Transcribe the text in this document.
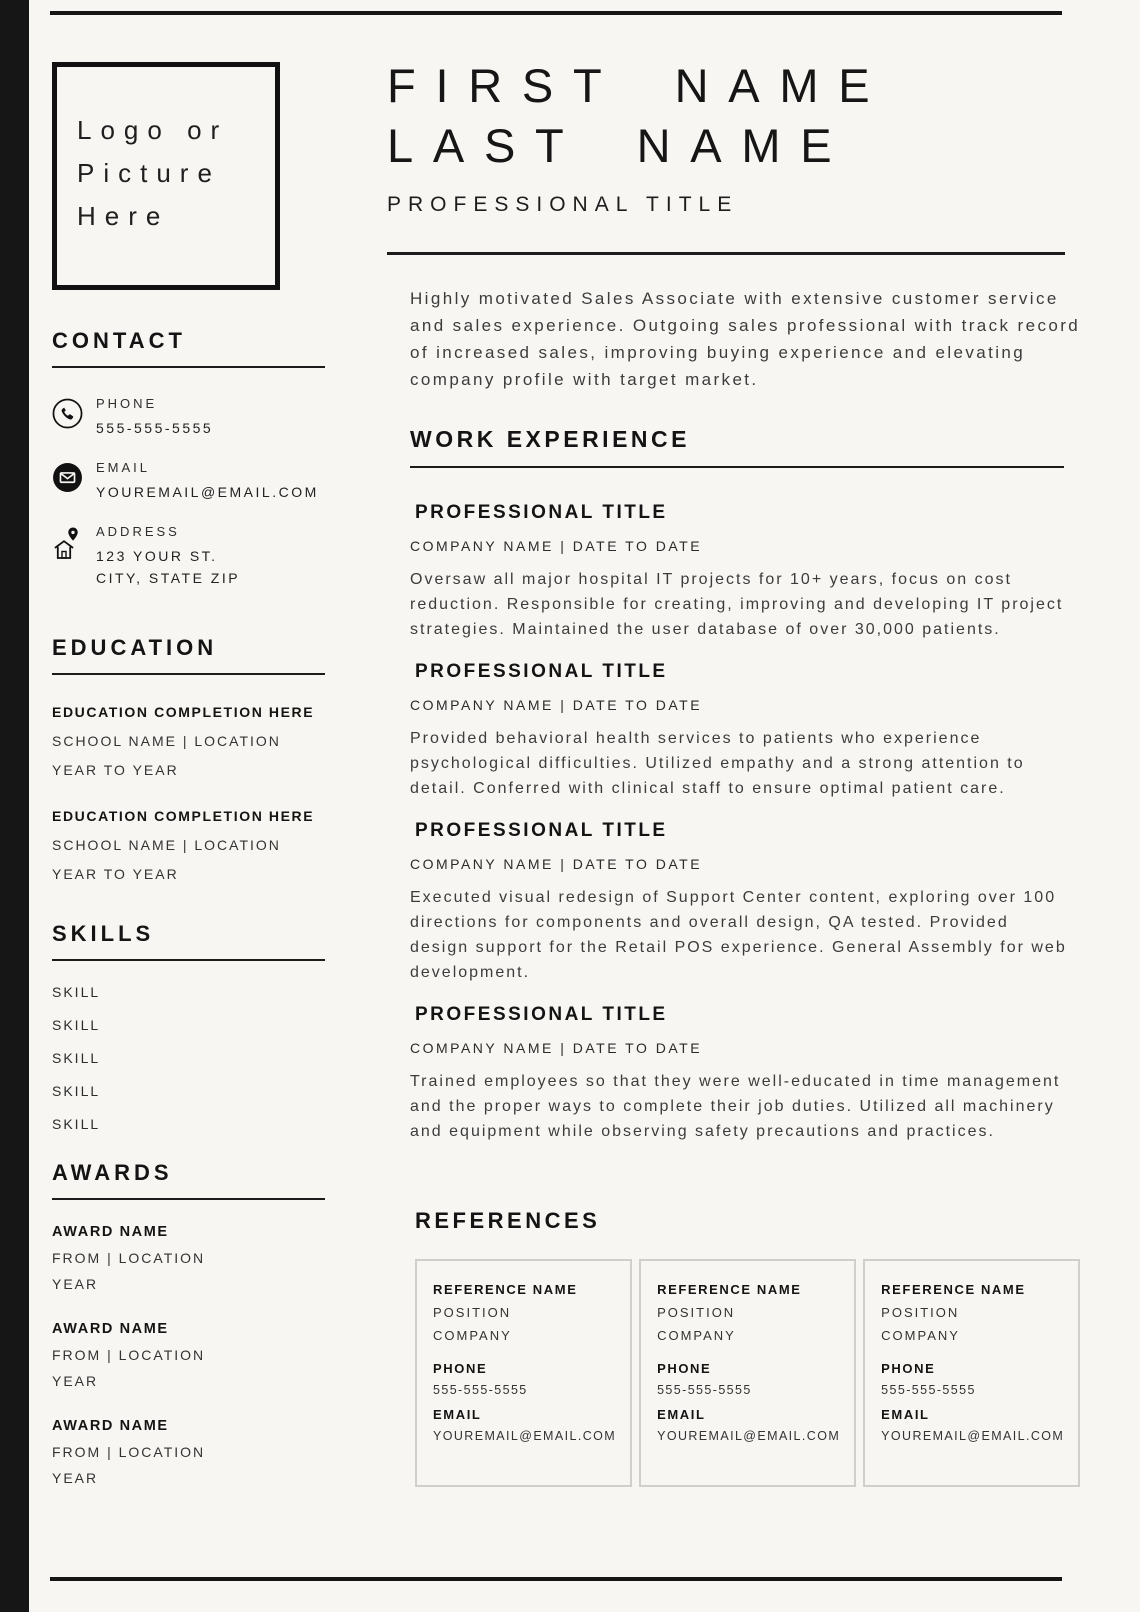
Logo or
Picture
Here
CONTACT
PHONE
555-555-5555
EMAIL
YOUREMAIL@EMAIL.COM
ADDRESS
123 YOUR ST.
CITY, STATE ZIP
EDUCATION
EDUCATION COMPLETION HERE
SCHOOL NAME | LOCATION
YEAR TO YEAR
EDUCATION COMPLETION HERE
SCHOOL NAME | LOCATION
YEAR TO YEAR
SKILLS
SKILL
SKILL
SKILL
SKILL
SKILL
AWARDS
AWARD NAME
FROM | LOCATION
YEAR
AWARD NAME
FROM | LOCATION
YEAR
AWARD NAME
FROM | LOCATION
YEAR
FIRST NAME
LAST NAME
PROFESSIONAL TITLE
Highly motivated Sales Associate with extensive customer service and sales experience. Outgoing sales professional with track record of increased sales, improving buying experience and elevating company profile with target market.
WORK EXPERIENCE
PROFESSIONAL TITLE
COMPANY NAME | DATE TO DATE
Oversaw all major hospital IT projects for 10+ years, focus on cost reduction. Responsible for creating, improving and developing IT project strategies. Maintained the user database of over 30,000 patients.
PROFESSIONAL TITLE
COMPANY NAME | DATE TO DATE
Provided behavioral health services to patients who experience psychological difficulties. Utilized empathy and a strong attention to detail. Conferred with clinical staff to ensure optimal patient care.
PROFESSIONAL TITLE
COMPANY NAME | DATE TO DATE
Executed visual redesign of Support Center content, exploring over 100 directions for components and overall design, QA tested. Provided design support for the Retail POS experience. General Assembly for web development.
PROFESSIONAL TITLE
COMPANY NAME | DATE TO DATE
Trained employees so that they were well-educated in time management and the proper ways to complete their job duties. Utilized all machinery and equipment while observing safety precautions and practices.
REFERENCES
REFERENCE NAME
POSITION
COMPANY
PHONE
555-555-5555
EMAIL
YOUREMAIL@EMAIL.COM
REFERENCE NAME
POSITION
COMPANY
PHONE
555-555-5555
EMAIL
YOUREMAIL@EMAIL.COM
REFERENCE NAME
POSITION
COMPANY
PHONE
555-555-5555
EMAIL
YOUREMAIL@EMAIL.COM
